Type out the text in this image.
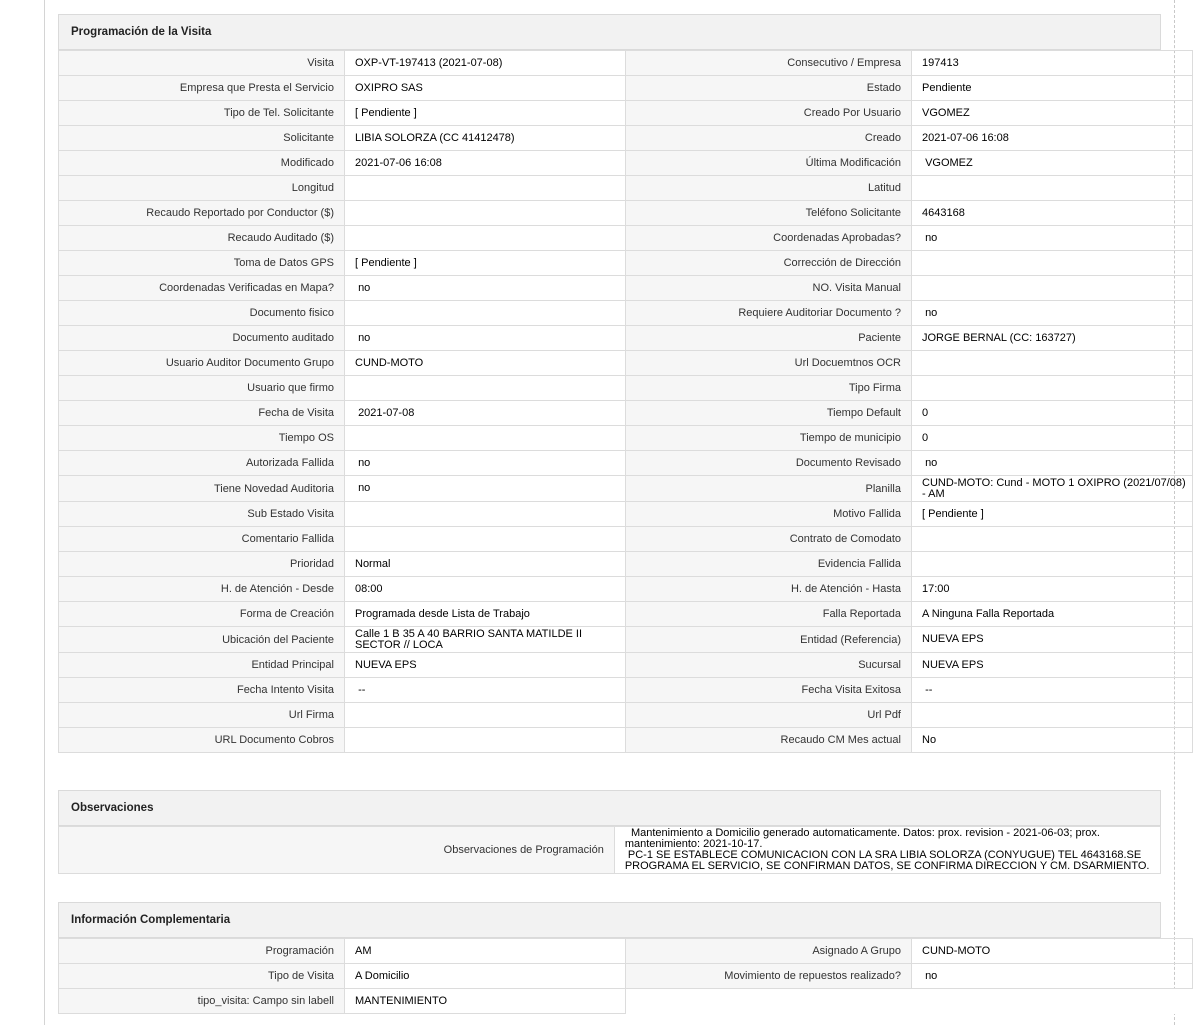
Programación de la Visita
Visita	OXP-VT-197413 (2021-07-08)	Consecutivo / Empresa	197413
Empresa que Presta el Servicio	OXIPRO SAS	Estado	Pendiente
Tipo de Tel. Solicitante	[ Pendiente ]	Creado Por Usuario	VGOMEZ
Solicitante	LIBIA SOLORZA (CC 41412478)	Creado	2021-07-06 16:08
Modificado	2021-07-06 16:08	Última Modificación	VGOMEZ
Longitud		Latitud	
Recaudo Reportado por Conductor ($)		Teléfono Solicitante	4643168
Recaudo Auditado ($)		Coordenadas Aprobadas?	no
Toma de Datos GPS	[ Pendiente ]	Corrección de Dirección	
Coordenadas Verificadas en Mapa?	no	NO. Visita Manual	
Documento fisico		Requiere Auditoriar Documento ?	no
Documento auditado	no	Paciente	JORGE BERNAL (CC: 163727)
Usuario Auditor Documento Grupo	CUND-MOTO	Url Docuemtnos OCR	
Usuario que firmo		Tipo Firma	
Fecha de Visita	2021-07-08	Tiempo Default	0
Tiempo OS		Tiempo de municipio	0
Autorizada Fallida	no	Documento Revisado	no
Tiene Novedad Auditoria	no	Planilla	CUND-MOTO: Cund - MOTO 1 OXIPRO (2021/07/08) - AM
Sub Estado Visita		Motivo Fallida	[ Pendiente ]
Comentario Fallida		Contrato de Comodato	
Prioridad	Normal	Evidencia Fallida	
H. de Atención - Desde	08:00	H. de Atención - Hasta	17:00
Forma de Creación	Programada desde Lista de Trabajo	Falla Reportada	A Ninguna Falla Reportada
Ubicación del Paciente	Calle 1 B 35 A 40 BARRIO SANTA MATILDE II SECTOR // LOCA	Entidad (Referencia)	NUEVA EPS
Entidad Principal	NUEVA EPS	Sucursal	NUEVA EPS
Fecha Intento Visita	--	Fecha Visita Exitosa	--
Url Firma		Url Pdf	
URL Documento Cobros		Recaudo CM Mes actual	No
Observaciones
Observaciones de Programación	
Mantenimiento a Domicilio generado automaticamente. Datos: prox. revision - 2021-06-03; prox. mantenimiento: 2021-10-17.
PC-1 SE ESTABLECE COMUNICACION CON LA SRA LIBIA SOLORZA (CONYUGUE) TEL 4643168.SE PROGRAMA EL SERVICIO, SE CONFIRMAN DATOS, SE CONFIRMA DIRECCION Y CM. DSARMIENTO.
Información Complementaria
Programación	AM	Asignado A Grupo	CUND-MOTO
Tipo de Visita	A Domicilio	Movimiento de repuestos realizado?	no
tipo_visita: Campo sin labell	MANTENIMIENTO		
